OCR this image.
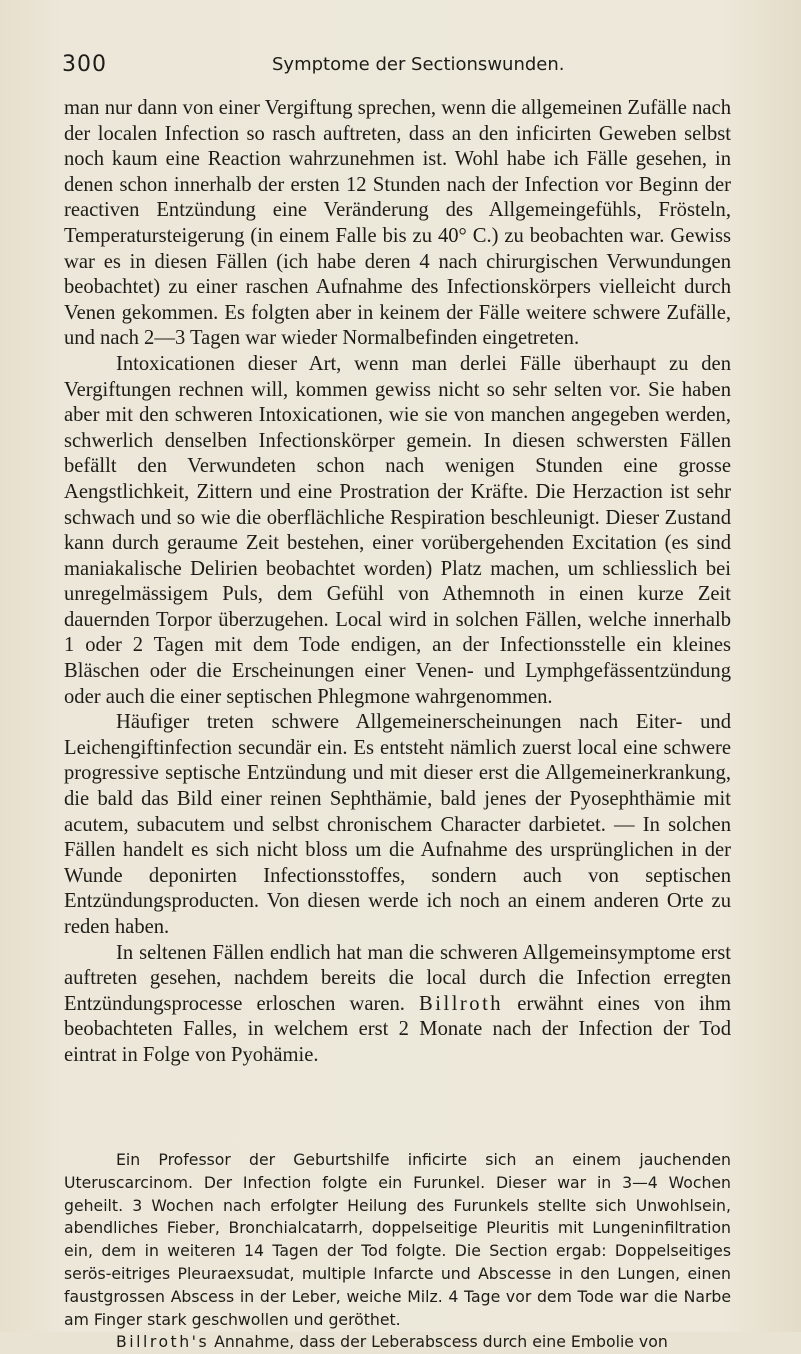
300	Symptome der Sectionswunden.

man nur dann von einer Vergiftung sprechen, wenn die allgemeinen Zufälle nach der localen Infection so rasch auftreten, dass an den inficirten Geweben selbst noch kaum eine Reaction wahrzunehmen ist. Wohl habe ich Fälle gesehen, in denen schon innerhalb der ersten 12 Stunden nach der Infection vor Beginn der reactiven Entzündung eine Veränderung des Allgemeingefühls, Frösteln, Temperatursteigerung (in einem Falle bis zu 40° C.) zu beobachten war. Gewiss war es in diesen Fällen (ich habe deren 4 nach chirurgischen Verwundungen beobachtet) zu einer raschen Aufnahme des Infectionskörpers vielleicht durch Venen gekommen. Es folgten aber in keinem der Fälle weitere schwere Zufälle, und nach 2—3 Tagen war wieder Normalbefinden eingetreten.

Intoxicationen dieser Art, wenn man derlei Fälle überhaupt zu den Vergiftungen rechnen will, kommen gewiss nicht so sehr selten vor. Sie haben aber mit den schweren Intoxicationen, wie sie von manchen angegeben werden, schwerlich denselben Infectionskörper gemein. In diesen schwersten Fällen befällt den Verwundeten schon nach wenigen Stunden eine grosse Aengstlichkeit, Zittern und eine Prostration der Kräfte. Die Herzaction ist sehr schwach und so wie die oberflächliche Respiration beschleunigt. Dieser Zustand kann durch geraume Zeit bestehen, einer vorübergehenden Excitation (es sind maniakalische Delirien beobachtet worden) Platz machen, um schliesslich bei unregelmässigem Puls, dem Gefühl von Athemnoth in einen kurze Zeit dauernden Torpor überzugehen. Local wird in solchen Fällen, welche innerhalb 1 oder 2 Tagen mit dem Tode endigen, an der Infectionsstelle ein kleines Bläschen oder die Erscheinungen einer Venen- und Lymphgefässentzündung oder auch die einer septischen Phlegmone wahrgenommen.

Häufiger treten schwere Allgemeinerscheinungen nach Eiter- und Leichengiftinfection secundär ein. Es entsteht nämlich zuerst local eine schwere progressive septische Entzündung und mit dieser erst die Allgemeinerkrankung, die bald das Bild einer reinen Sephthämie, bald jenes der Pyosephthämie mit acutem, subacutem und selbst chronischem Character darbietet. — In solchen Fällen handelt es sich nicht bloss um die Aufnahme des ursprünglichen in der Wunde deponirten Infectionsstoffes, sondern auch von septischen Entzündungsproducten. Von diesen werde ich noch an einem anderen Orte zu reden haben.

In seltenen Fällen endlich hat man die schweren Allgemeinsymptome erst auftreten gesehen, nachdem bereits die local durch die Infection erregten Entzündungsprocesse erloschen waren. Billroth erwähnt eines von ihm beobachteten Falles, in welchem erst 2 Monate nach der Infection der Tod eintrat in Folge von Pyohämie.

Ein Professor der Geburtshilfe inficirte sich an einem jauchenden Uteruscarcinom. Der Infection folgte ein Furunkel. Dieser war in 3—4 Wochen geheilt. 3 Wochen nach erfolgter Heilung des Furunkels stellte sich Unwohlsein, abendliches Fieber, Bronchialcatarrh, doppelseitige Pleuritis mit Lungeninfiltration ein, dem in weiteren 14 Tagen der Tod folgte. Die Section ergab: Doppelseitiges serös-eitriges Pleuraexsudat, multiple Infarcte und Abscesse in den Lungen, einen faustgrossen Abscess in der Leber, weiche Milz. 4 Tage vor dem Tode war die Narbe am Finger stark geschwollen und geröthet.

Billroth's Annahme, dass der Leberabscess durch eine Embolie von
